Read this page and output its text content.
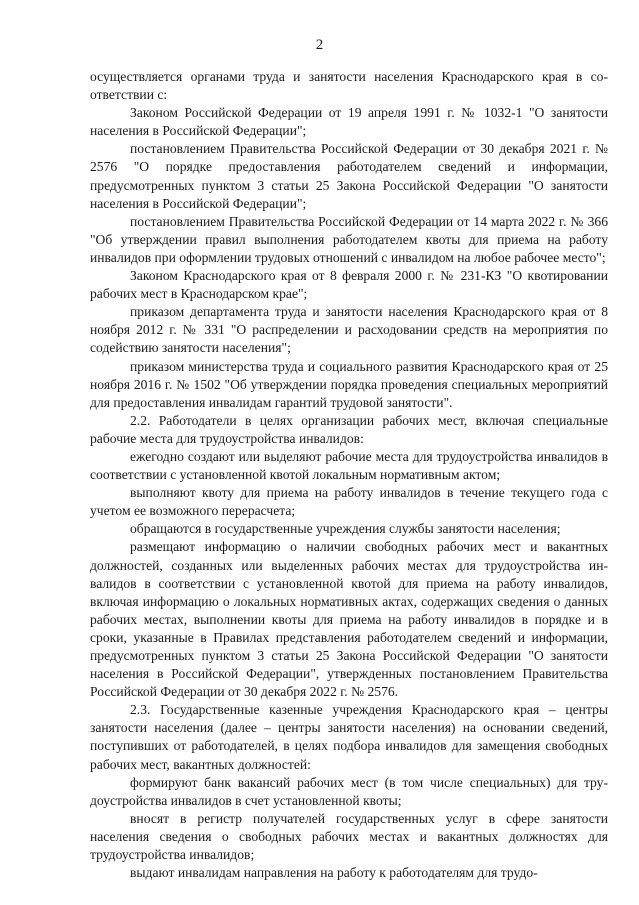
2

осуществляется органами труда и занятости населения Краснодарского края в соответствии с:

Законом Российской Федерации от 19 апреля 1991 г. № 1032-1 "О занятости населения в Российской Федерации";

постановлением Правительства Российской Федерации от 30 декабря 2021 г. № 2576 "О порядке предоставления работодателем сведений и информации, предусмотренных пунктом 3 статьи 25 Закона Российской Федерации "О занятости населения в Российской Федерации";

постановлением Правительства Российской Федерации от 14 марта 2022 г. № 366 "Об утверждении правил выполнения работодателем квоты для приема на работу инвалидов при оформлении трудовых отношений с инвалидом на любое рабочее место";

Законом Краснодарского края от 8 февраля 2000 г. № 231-КЗ "О квотировании рабочих мест в Краснодарском крае";

приказом департамента труда и занятости населения Краснодарского края от 8 ноября 2012 г. № 331 "О распределении и расходовании средств на мероприятия по содействию занятости населения";

приказом министерства труда и социального развития Краснодарского края от 25 ноября 2016 г. № 1502 "Об утверждении порядка проведения специальных мероприятий для предоставления инвалидам гарантий трудовой занятости".

2.2. Работодатели в целях организации рабочих мест, включая специальные рабочие места для трудоустройства инвалидов:

ежегодно создают или выделяют рабочие места для трудоустройства инвалидов в соответствии с установленной квотой локальным нормативным актом;

выполняют квоту для приема на работу инвалидов в течение текущего года с учетом ее возможного перерасчета;

обращаются в государственные учреждения службы занятости населения;

размещают информацию о наличии свободных рабочих мест и вакантных должностей, созданных или выделенных рабочих местах для трудоустройства инвалидов в соответствии с установленной квотой для приема на работу инвалидов, включая информацию о локальных нормативных актах, содержащих сведения о данных рабочих местах, выполнении квоты для приема на работу инвалидов в порядке и в сроки, указанные в Правилах представления работодателем сведений и информации, предусмотренных пунктом 3 статьи 25 Закона Российской Федерации "О занятости населения в Российской Федерации", утвержденных постановлением Правительства Российской Федерации от 30 декабря 2022 г. № 2576.

2.3. Государственные казенные учреждения Краснодарского края – центры занятости населения (далее – центры занятости населения) на основании сведений, поступивших от работодателей, в целях подбора инвалидов для замещения свободных рабочих мест, вакантных должностей:

формируют банк вакансий рабочих мест (в том числе специальных) для трудоустройства инвалидов в счет установленной квоты;

вносят в регистр получателей государственных услуг в сфере занятости населения сведения о свободных рабочих местах и вакантных должностях для трудоустройства инвалидов;

выдают инвалидам направления на работу к работодателям для трудо-
